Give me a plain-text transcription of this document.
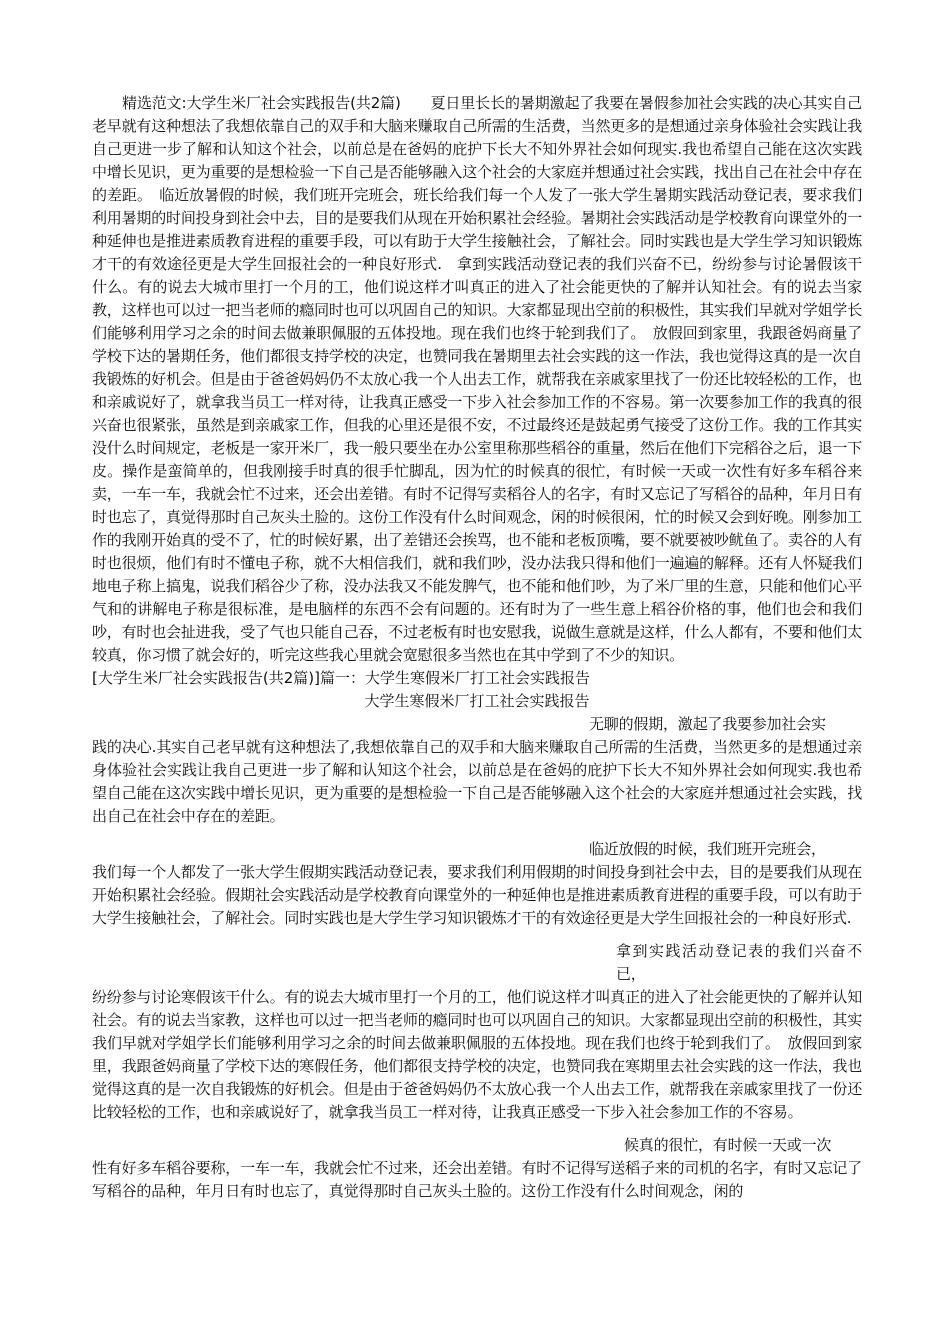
精选范文:大学生米厂社会实践报告(共2篇)　　 夏日里长长的暑期激起了我要在暑假参加社会实践的决心其实自己老早就有这种想法了我想依靠自己的双手和大脑来赚取自己所需的生活费，当然更多的是想通过亲身体验社会实践让我自己更进一步了解和认知这个社会，以前总是在爸妈的庇护下长大不知外界社会如何现实.我也希望自己能在这次实践中增长见识，更为重要的是想检验一下自己是否能够融入这个社会的大家庭并想通过社会实践，找出自己在社会中存在的差距。　临近放暑假的时候，我们班开完班会，班长给我们每一个人发了一张大学生暑期实践活动登记表，要求我们利用暑期的时间投身到社会中去，目的是要我们从现在开始积累社会经验。暑期社会实践活动是学校教育向课堂外的一种延伸也是推进素质教育进程的重要手段，可以有助于大学生接触社会，了解社会。同时实践也是大学生学习知识锻炼才干的有效途径更是大学生回报社会的一种良好形式.　拿到实践活动登记表的我们兴奋不已，纷纷参与讨论暑假该干什么。有的说去大城市里打一个月的工，他们说这样才叫真正的进入了社会能更快的了解并认知社会。有的说去当家教，这样也可以过一把当老师的瘾同时也可以巩固自己的知识。大家都显现出空前的积极性，其实我们早就对学姐学长们能够利用学习之余的时间去做兼职佩服的五体投地。现在我们也终于轮到我们了。　放假回到家里，我跟爸妈商量了学校下达的暑期任务，他们都很支持学校的决定，也赞同我在暑期里去社会实践的这一作法，我也觉得这真的是一次自我锻炼的好机会。但是由于爸爸妈妈仍不太放心我一个人出去工作，就帮我在亲戚家里找了一份还比较轻松的工作，也和亲戚说好了，就拿我当员工一样对待，让我真正感受一下步入社会参加工作的不容易。第一次要参加工作的我真的很兴奋也很紧张，虽然是到亲戚家工作，但我的心里还是很不安，不过最终还是鼓起勇气接受了这份工作。我的工作其实没什么时间规定，老板是一家开米厂，我一般只要坐在办公室里称那些稻谷的重量，然后在他们下完稻谷之后，退一下皮。操作是蛮简单的，但我刚接手时真的很手忙脚乱，因为忙的时候真的很忙，有时候一天或一次性有好多车稻谷来卖，一车一车，我就会忙不过来，还会出差错。有时不记得写卖稻谷人的名字，有时又忘记了写稻谷的品种，年月日有时也忘了，真觉得那时自己灰头土脸的。这份工作没有什么时间观念，闲的时候很闲，忙的时候又会到好晚。刚参加工作的我刚开始真的受不了，忙的时候好累，出了差错还会挨骂，也不能和老板顶嘴，要不就要被吵鱿鱼了。卖谷的人有时也很烦，他们有时不懂电子称，就不大相信我们，就和我们吵，没办法我只得和他们一遍遍的解释。还有人怀疑我们地电子称上搞鬼，说我们稻谷少了称，没办法我又不能发脾气，也不能和他们吵，为了米厂里的生意，只能和他们心平气和的讲解电子称是很标准，是电脑样的东西不会有问题的。还有时为了一些生意上稻谷价格的事，他们也会和我们吵，有时也会扯进我，受了气也只能自己吞，不过老板有时也安慰我，说做生意就是这样，什么人都有，不要和他们太较真，你习惯了就会好的，听完这些我心里就会宽慰很多当然也在其中学到了不少的知识。

[大学生米厂社会实践报告(共2篇)]篇一：大学生寒假米厂打工社会实践报告

大学生寒假米厂打工社会实践报告

无聊的假期，激起了我要参加社会实
践的决心.其实自己老早就有这种想法了,我想依靠自己的双手和大脑来赚取自己所需的生活费，当然更多的是想通过亲身体验社会实践让我自己更进一步了解和认知这个社会，以前总是在爸妈的庇护下长大不知外界社会如何现实.我也希望自己能在这次实践中增长见识，更为重要的是想检验一下自己是否能够融入这个社会的大家庭并想通过社会实践，找出自己在社会中存在的差距。
临近放假的时候，我们班开完班会，
我们每一个人都发了一张大学生假期实践活动登记表，要求我们利用假期的时间投身到社会中去，目的是要我们从现在开始积累社会经验。假期社会实践活动是学校教育向课堂外的一种延伸也是推进素质教育进程的重要手段，可以有助于大学生接触社会，了解社会。同时实践也是大学生学习知识锻炼才干的有效途径更是大学生回报社会的一种良好形式.
拿到实践活动登记表的我们兴奋不已，
纷纷参与讨论寒假该干什么。有的说去大城市里打一个月的工，他们说这样才叫真正的进入了社会能更快的了解并认知社会。有的说去当家教，这样也可以过一把当老师的瘾同时也可以巩固自己的知识。大家都显现出空前的积极性，其实我们早就对学姐学长们能够利用学习之余的时间去做兼职佩服的五体投地。现在我们也终于轮到我们了。　放假回到家里，我跟爸妈商量了学校下达的寒假任务，他们都很支持学校的决定，也赞同我在寒期里去社会实践的这一作法，我也觉得这真的是一次自我锻炼的好机会。但是由于爸爸妈妈仍不太放心我一个人出去工作，就帮我在亲戚家里找了一份还比较轻松的工作，也和亲戚说好了，就拿我当员工一样对待，让我真正感受一下步入社会参加工作的不容易。
候真的很忙，有时候一天或一次
性有好多车稻谷要称，一车一车，我就会忙不过来，还会出差错。有时不记得写送稻子来的司机的名字，有时又忘记了写稻谷的品种，年月日有时也忘了，真觉得那时自己灰头土脸的。这份工作没有什么时间观念，闲的
